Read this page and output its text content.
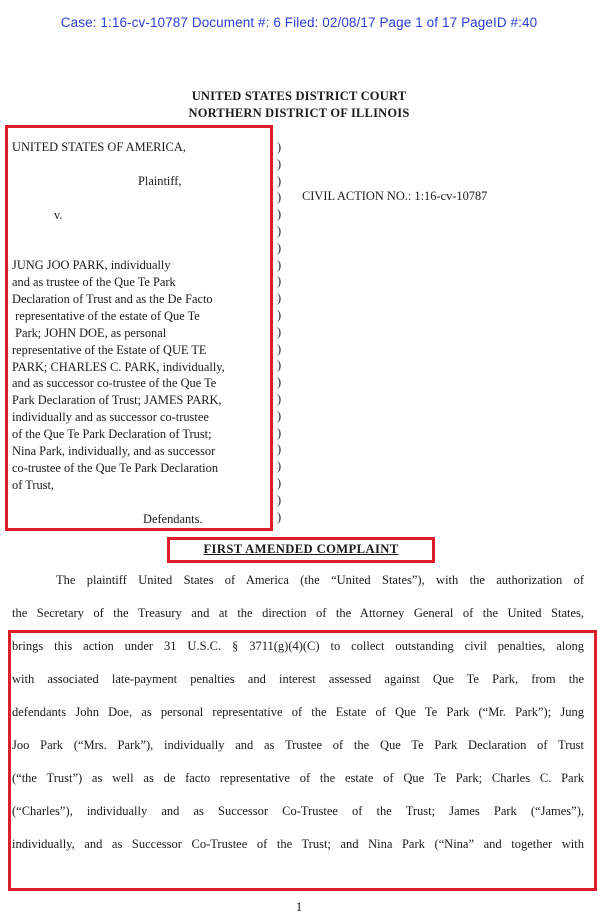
Case: 1:16-cv-10787 Document #: 6 Filed: 02/08/17 Page 1 of 17 PageID #:40
UNITED STATES DISTRICT COURT
NORTHERN DISTRICT OF ILLINOIS
UNITED STATES OF AMERICA,
Plaintiff,
v.
JUNG JOO PARK, individually
and as trustee of the Que Te Park
Declaration of Trust and as the De Facto
representative of the estate of Que Te
Park; JOHN DOE, as personal
representative of the Estate of QUE TE
PARK; CHARLES C. PARK, individually,
and as successor co-trustee of the Que Te
Park Declaration of Trust; JAMES PARK,
individually and as successor co-trustee
of the Que Te Park Declaration of Trust;
Nina Park, individually, and as successor
co-trustee of the Que Te Park Declaration
of Trust,
Defendants.
)
)
)
)
)
)
)
)
)
)
)
)
)
)
)
)
)
)
)
)
)
)
)
CIVIL ACTION NO.: 1:16-cv-10787
FIRST AMENDED COMPLAINT
The plaintiff United States of America (the “United States”), with the authorization of
the Secretary of the Treasury and at the direction of the Attorney General of the United States,
brings this action under 31 U.S.C. § 3711(g)(4)(C) to collect outstanding civil penalties, along
with associated late-payment penalties and interest assessed against Que Te Park, from the
defendants John Doe, as personal representative of the Estate of Que Te Park (“Mr. Park”); Jung
Joo Park (“Mrs. Park”), individually and as Trustee of the Que Te Park Declaration of Trust
(“the Trust”) as well as de facto representative of the estate of Que Te Park; Charles C. Park
(“Charles”), individually and as Successor Co-Trustee of the Trust; James Park (“James”),
individually, and as Successor Co-Trustee of the Trust; and Nina Park (“Nina” and together with
1
